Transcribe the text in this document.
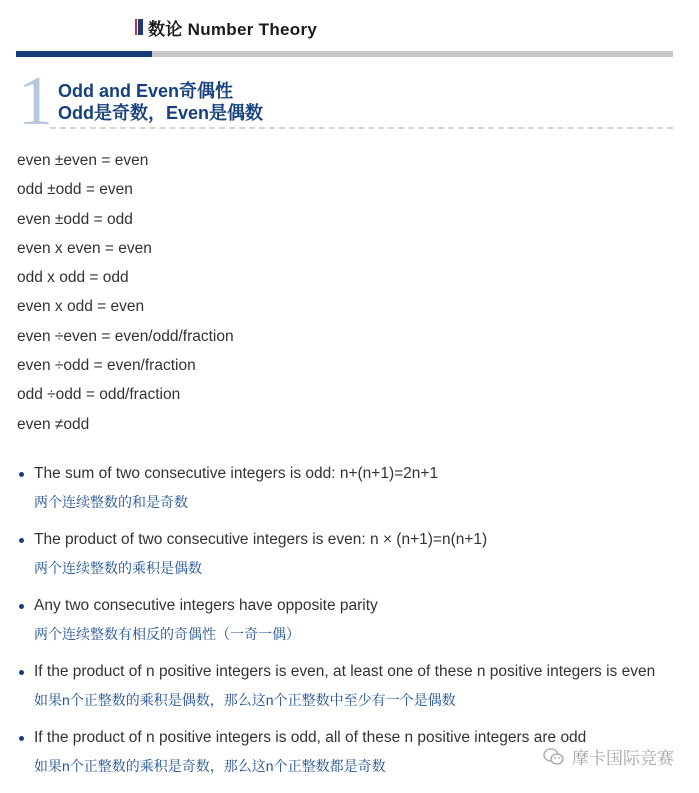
数论 Number Theory
1 Odd and Even奇偶性
Odd是奇数，Even是偶数
even ±even = even
odd ±odd = even
even ±odd = odd
even x even = even
odd x odd = odd
even x odd = even
even ÷even = even/odd/fraction
even ÷odd = even/fraction
odd ÷odd = odd/fraction
even ≠odd
The sum of two consecutive integers is odd: n+(n+1)=2n+1
两个连续整数的和是奇数
The product of two consecutive integers is even: n × (n+1)=n(n+1)
两个连续整数的乘积是偶数
Any two consecutive integers have opposite parity
两个连续整数有相反的奇偶性（一奇一偶）
If the product of n positive integers is even, at least one of these n positive integers is even
如果n个正整数的乘积是偶数，那么这n个正整数中至少有一个是偶数
If the product of n positive integers is odd, all of these n positive integers are odd
如果n个正整数的乘积是奇数，那么这n个正整数都是奇数	摩卡国际竞赛
